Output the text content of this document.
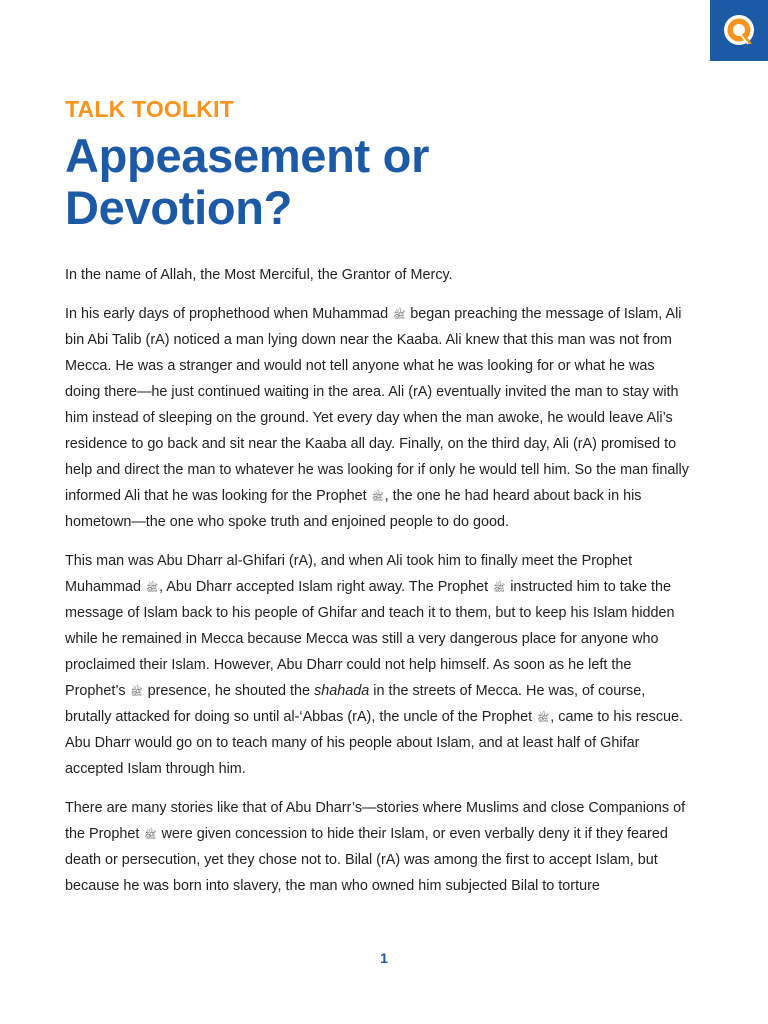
TALK TOOLKIT
Appeasement or
Devotion?

In the name of Allah, the Most Merciful, the Grantor of Mercy.

In his early days of prophethood when Muhammad ﷺ began preaching the message of Islam, Ali bin Abi Talib (rA) noticed a man lying down near the Kaaba. Ali knew that this man was not from Mecca. He was a stranger and would not tell anyone what he was looking for or what he was doing there—he just continued waiting in the area. Ali (rA) eventually invited the man to stay with him instead of sleeping on the ground. Yet every day when the man awoke, he would leave Ali’s residence to go back and sit near the Kaaba all day. Finally, on the third day, Ali (rA) promised to help and direct the man to whatever he was looking for if only he would tell him. So the man finally informed Ali that he was looking for the Prophet ﷺ, the one he had heard about back in his hometown—the one who spoke truth and enjoined people to do good.

This man was Abu Dharr al-Ghifari (rA), and when Ali took him to finally meet the Prophet Muhammad ﷺ, Abu Dharr accepted Islam right away. The Prophet ﷺ instructed him to take the message of Islam back to his people of Ghifar and teach it to them, but to keep his Islam hidden while he remained in Mecca because Mecca was still a very dangerous place for anyone who proclaimed their Islam. However, Abu Dharr could not help himself. As soon as he left the Prophet’s ﷺ presence, he shouted the shahada in the streets of Mecca. He was, of course, brutally attacked for doing so until al-‘Abbas (rA), the uncle of the Prophet ﷺ, came to his rescue. Abu Dharr would go on to teach many of his people about Islam, and at least half of Ghifar accepted Islam through him.

There are many stories like that of Abu Dharr’s—stories where Muslims and close Companions of the Prophet ﷺ were given concession to hide their Islam, or even verbally deny it if they feared death or persecution, yet they chose not to. Bilal (rA) was among the first to accept Islam, but because he was born into slavery, the man who owned him subjected Bilal to torture

1
